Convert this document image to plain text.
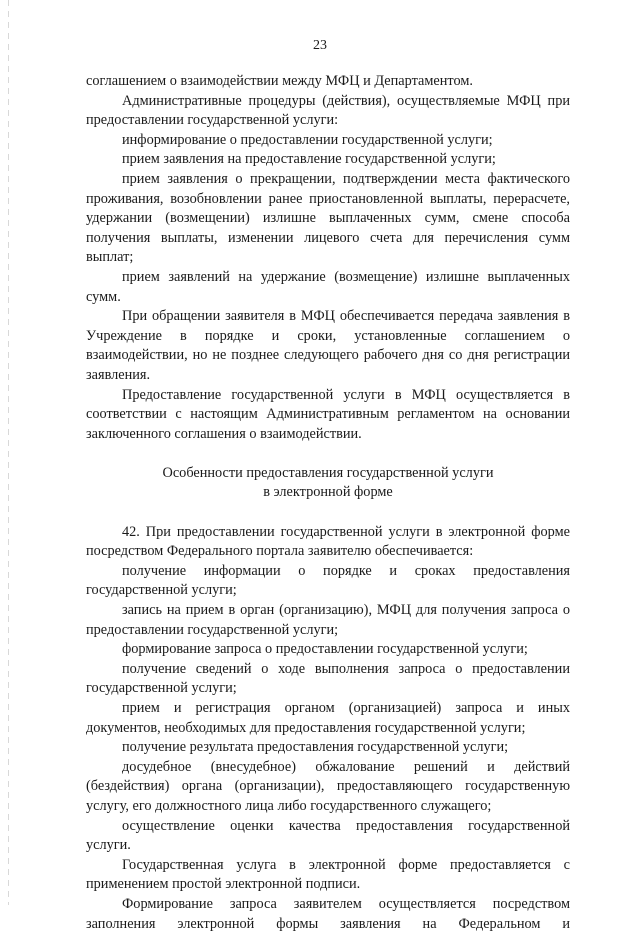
23

соглашением о взаимодействии между МФЦ и Департаментом.

Административные процедуры (действия), осуществляемые МФЦ при предоставлении государственной услуги:

информирование о предоставлении государственной услуги;

прием заявления на предоставление государственной услуги;

прием заявления о прекращении, подтверждении места фактического проживания, возобновлении ранее приостановленной выплаты, перерасчете, удержании (возмещении) излишне выплаченных сумм, смене способа получения выплаты, изменении лицевого счета для перечисления сумм выплат;

прием заявлений на удержание (возмещение) излишне выплаченных сумм.

При обращении заявителя в МФЦ обеспечивается передача заявления в Учреждение в порядке и сроки, установленные соглашением о взаимодействии, но не позднее следующего рабочего дня со дня регистрации заявления.

Предоставление государственной услуги в МФЦ осуществляется в соответствии с настоящим Административным регламентом на основании заключенного соглашения о взаимодействии.

Особенности предоставления государственной услуги
в электронной форме

42. При предоставлении государственной услуги в электронной форме посредством Федерального портала заявителю обеспечивается:

получение информации о порядке и сроках предоставления государственной услуги;

запись на прием в орган (организацию), МФЦ для получения запроса о предоставлении государственной услуги;

формирование запроса о предоставлении государственной услуги;

получение сведений о ходе выполнения запроса о предоставлении государственной услуги;

прием и регистрация органом (организацией) запроса и иных документов, необходимых для предоставления государственной услуги;

получение результата предоставления государственной услуги;

досудебное (внесудебное) обжалование решений и действий (бездействия) органа (организации), предоставляющего государственную услугу, его должностного лица либо государственного служащего;

осуществление оценки качества предоставления государственной услуги.

Государственная услуга в электронной форме предоставляется с применением простой электронной подписи.

Формирование запроса заявителем осуществляется посредством заполнения электронной формы заявления на Федеральном и
